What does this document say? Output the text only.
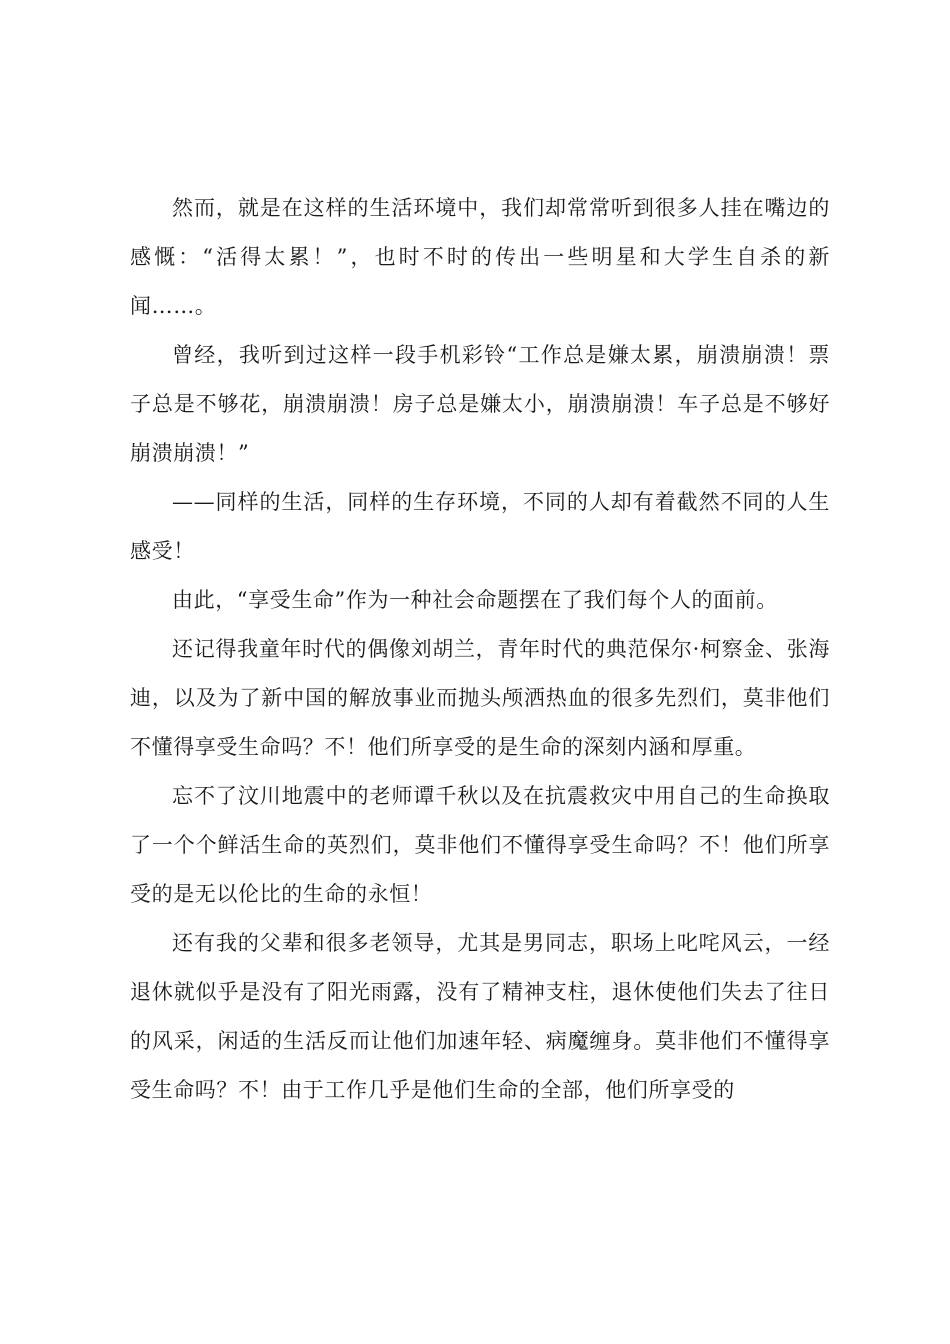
然而，就是在这样的生活环境中，我们却常常听到很多人挂在嘴边的感慨：“活得太累！”，也时不时的传出一些明星和大学生自杀的新闻……。

曾经，我听到过这样一段手机彩铃“工作总是嫌太累，崩溃崩溃！票子总是不够花，崩溃崩溃！房子总是嫌太小，崩溃崩溃！车子总是不够好崩溃崩溃！”

——同样的生活，同样的生存环境，不同的人却有着截然不同的人生感受！

由此，“享受生命”作为一种社会命题摆在了我们每个人的面前。

还记得我童年时代的偶像刘胡兰，青年时代的典范保尔·柯察金、张海迪，以及为了新中国的解放事业而抛头颅洒热血的很多先烈们，莫非他们不懂得享受生命吗？不！他们所享受的是生命的深刻内涵和厚重。

忘不了汶川地震中的老师谭千秋以及在抗震救灾中用自己的生命换取了一个个鲜活生命的英烈们，莫非他们不懂得享受生命吗？不！他们所享受的是无以伦比的生命的永恒！

还有我的父辈和很多老领导，尤其是男同志，职场上叱咤风云，一经退休就似乎是没有了阳光雨露，没有了精神支柱，退休使他们失去了往日的风采，闲适的生活反而让他们加速年轻、病魔缠身。莫非他们不懂得享受生命吗？不！由于工作几乎是他们生命的全部，他们所享受的
